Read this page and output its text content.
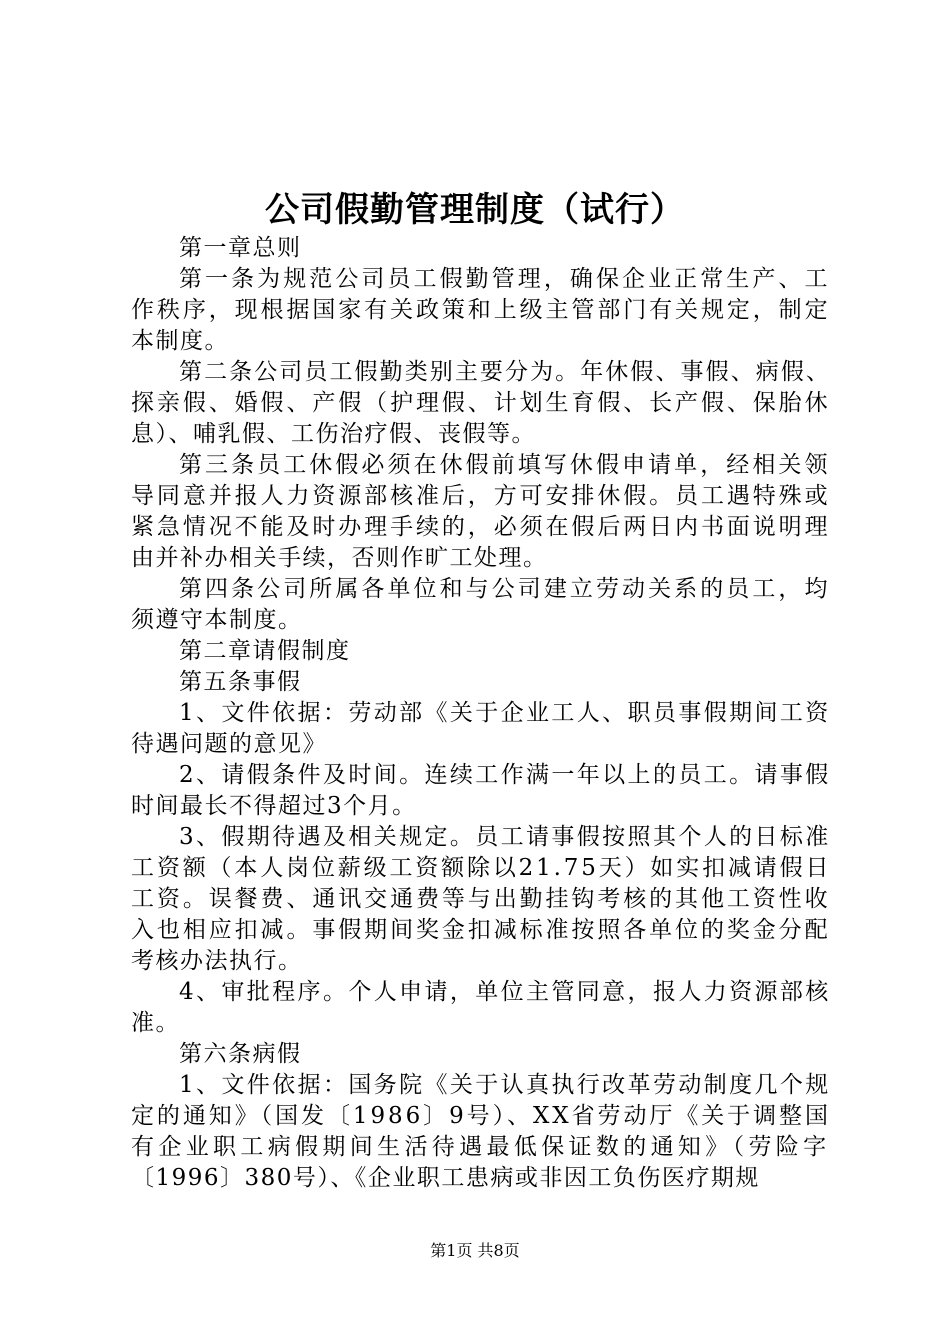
公司假勤管理制度（试行）
第一章总则
第一条为规范公司员工假勤管理，确保企业正常生产、工
作秩序，现根据国家有关政策和上级主管部门有关规定，制定
本制度。
第二条公司员工假勤类别主要分为。年休假、事假、病假、
探亲假、婚假、产假（护理假、计划生育假、长产假、保胎休
息）、哺乳假、工伤治疗假、丧假等。
第三条员工休假必须在休假前填写休假申请单，经相关领
导同意并报人力资源部核准后，方可安排休假。员工遇特殊或
紧急情况不能及时办理手续的，必须在假后两日内书面说明理
由并补办相关手续，否则作旷工处理。
第四条公司所属各单位和与公司建立劳动关系的员工，均
须遵守本制度。
第二章请假制度
第五条事假
1、文件依据：劳动部《关于企业工人、职员事假期间工资
待遇问题的意见》
2、请假条件及时间。连续工作满一年以上的员工。请事假
时间最长不得超过3个月。
3、假期待遇及相关规定。员工请事假按照其个人的日标准
工资额（本人岗位薪级工资额除以21.75天）如实扣减请假日
工资。误餐费、通讯交通费等与出勤挂钩考核的其他工资性收
入也相应扣减。事假期间奖金扣减标准按照各单位的奖金分配
考核办法执行。
4、审批程序。个人申请，单位主管同意，报人力资源部核
准。
第六条病假
1、文件依据：国务院《关于认真执行改革劳动制度几个规
定的通知》（国发〔1986〕9号）、XX省劳动厅《关于调整国
有企业职工病假期间生活待遇最低保证数的通知》（劳险字
〔1996〕380号）、《企业职工患病或非因工负伤医疗期规
第1页 共8页
